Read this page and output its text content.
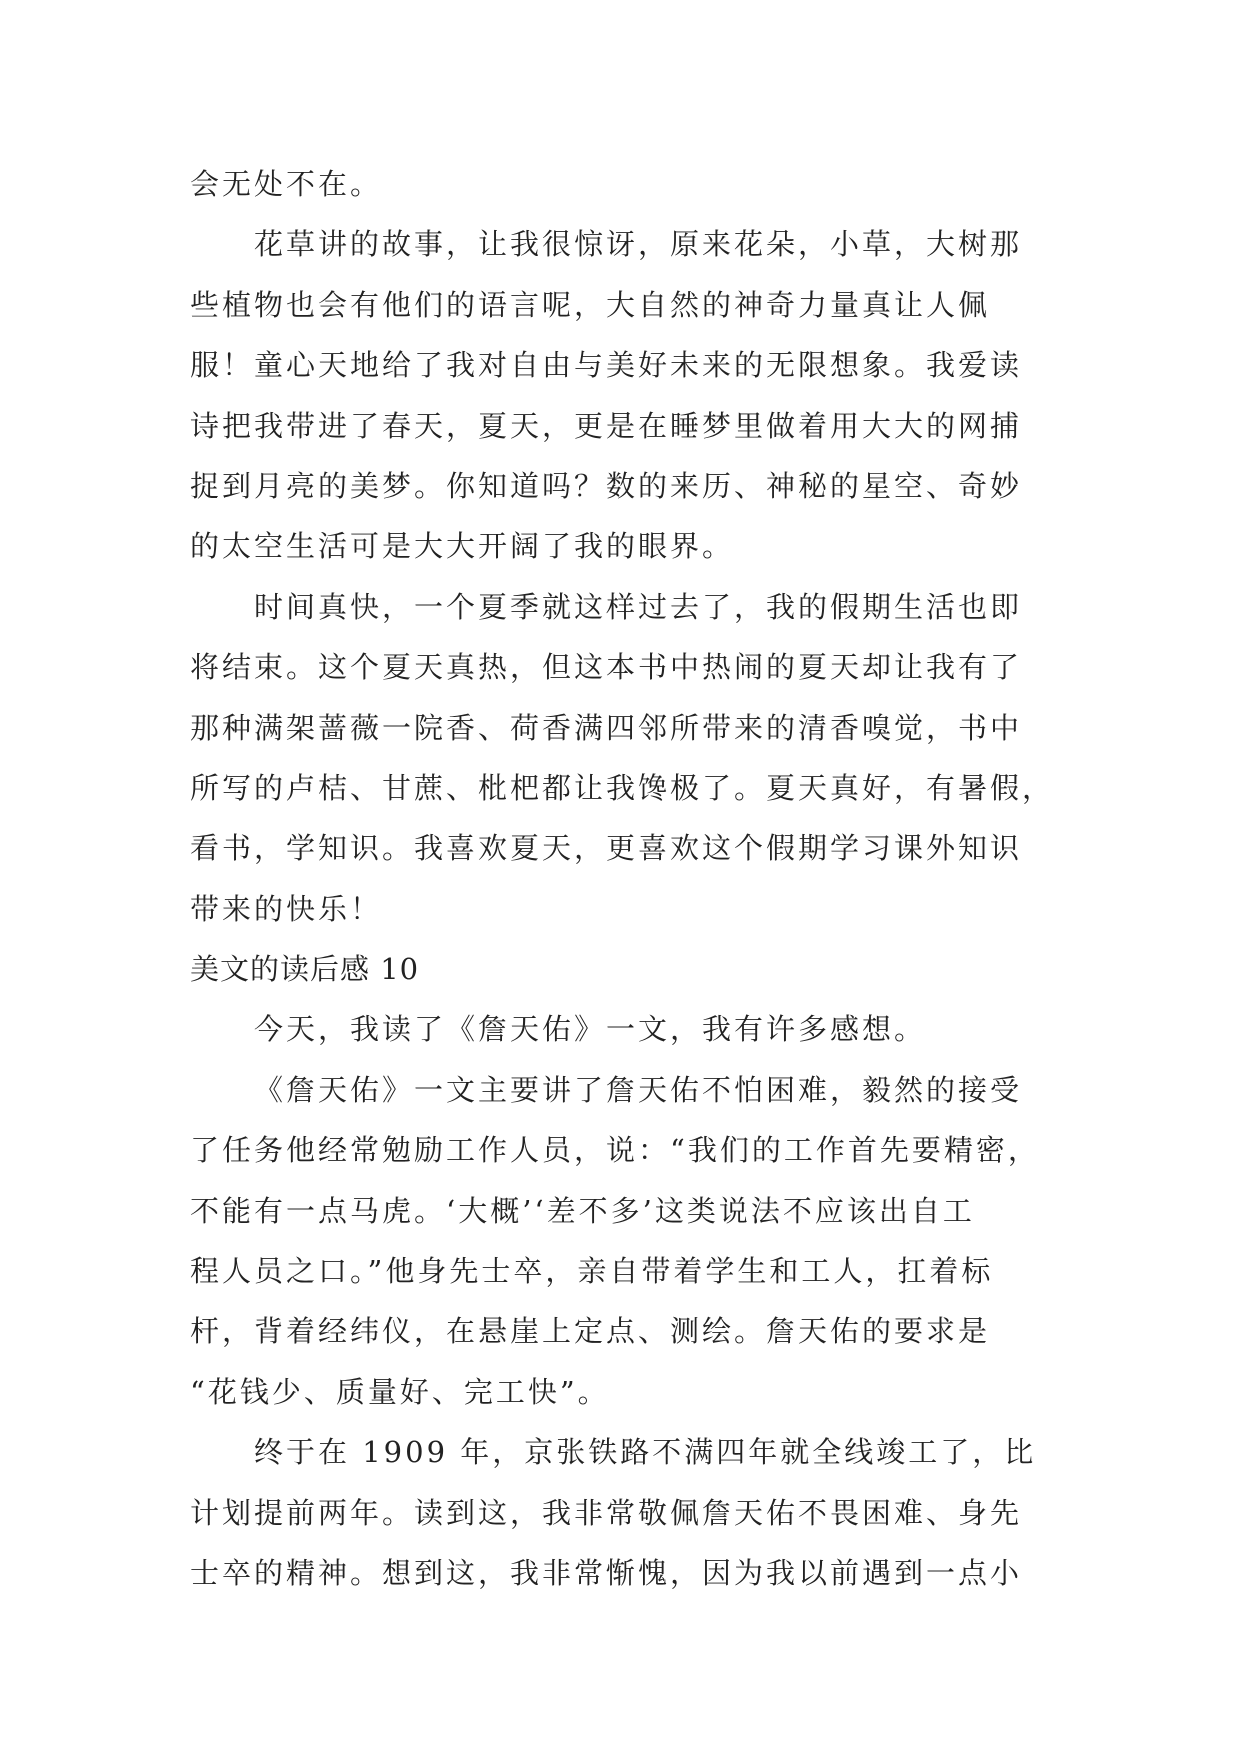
会无处不在。
花草讲的故事，让我很惊讶，原来花朵，小草，大树那
些植物也会有他们的语言呢，大自然的神奇力量真让人佩
服！童心天地给了我对自由与美好未来的无限想象。我爱读
诗把我带进了春天，夏天，更是在睡梦里做着用大大的网捕
捉到月亮的美梦。你知道吗？数的来历、神秘的星空、奇妙
的太空生活可是大大开阔了我的眼界。
时间真快，一个夏季就这样过去了，我的假期生活也即
将结束。这个夏天真热，但这本书中热闹的夏天却让我有了
那种满架蔷薇一院香、荷香满四邻所带来的清香嗅觉，书中
所写的卢桔、甘蔗、枇杷都让我馋极了。夏天真好，有暑假，
看书，学知识。我喜欢夏天，更喜欢这个假期学习课外知识
带来的快乐！
美文的读后感 10
今天，我读了《詹天佑》一文，我有许多感想。
《詹天佑》一文主要讲了詹天佑不怕困难，毅然的接受
了任务他经常勉励工作人员，说：“我们的工作首先要精密，
不能有一点马虎。‘大概’‘差不多’这类说法不应该出自工
程人员之口。”他身先士卒，亲自带着学生和工人，扛着标
杆，背着经纬仪，在悬崖上定点、测绘。詹天佑的要求是
“花钱少、质量好、完工快”。
终于在 1909 年，京张铁路不满四年就全线竣工了，比
计划提前两年。读到这，我非常敬佩詹天佑不畏困难、身先
士卒的精神。想到这，我非常惭愧，因为我以前遇到一点小
